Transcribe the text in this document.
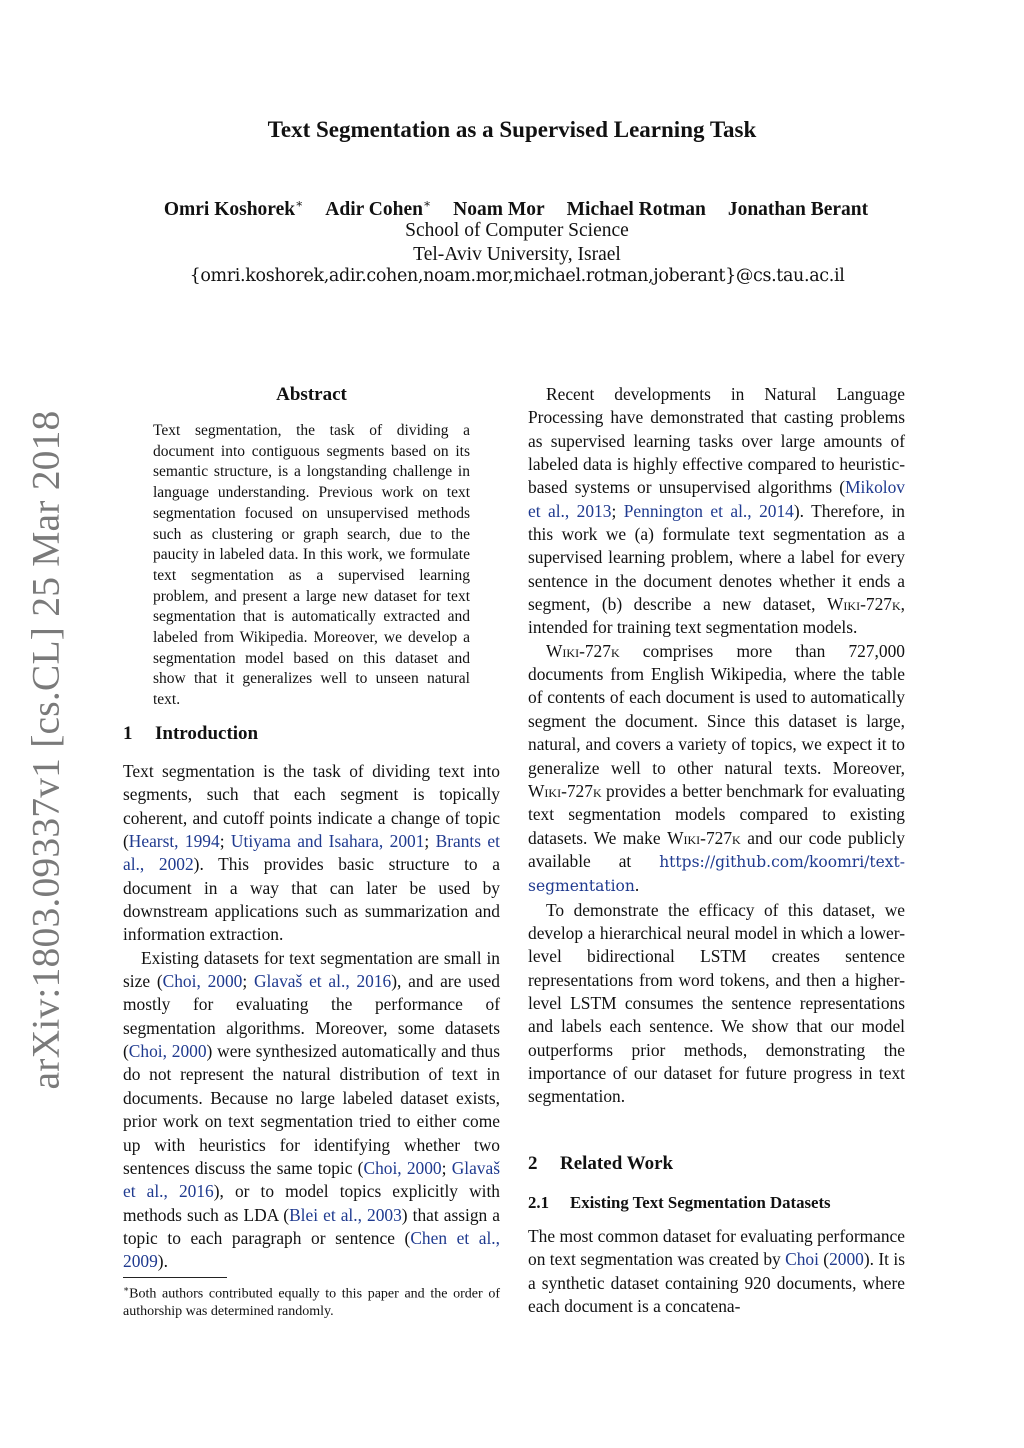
arXiv:1803.09337v1 [cs.CL] 25 Mar 2018
Text Segmentation as a Supervised Learning Task
Omri Koshorek∗ Adir Cohen∗ Noam Mor Michael Rotman Jonathan Berant
School of Computer Science
Tel-Aviv University, Israel
{omri.koshorek,adir.cohen,noam.mor,michael.rotman,joberant}@cs.tau.ac.il
Abstract
Text segmentation, the task of dividing a document into contiguous segments based on its semantic structure, is a longstanding challenge in language understanding. Previous work on text segmentation focused on unsupervised methods such as clustering or graph search, due to the paucity in labeled data. In this work, we formulate text segmentation as a supervised learning problem, and present a large new dataset for text segmentation that is automatically extracted and labeled from Wikipedia. Moreover, we develop a segmentation model based on this dataset and show that it generalizes well to unseen natural text.
1 Introduction

Text segmentation is the task of dividing text into segments, such that each segment is topically coherent, and cutoff points indicate a change of topic (Hearst, 1994; Utiyama and Isahara, 2001; Brants et al., 2002). This provides basic structure to a document in a way that can later be used by downstream applications such as summarization and information extraction.

Existing datasets for text segmentation are small in size (Choi, 2000; Glavaš et al., 2016), and are used mostly for evaluating the performance of segmentation algorithms. Moreover, some datasets (Choi, 2000) were synthesized automatically and thus do not represent the natural distribution of text in documents. Because no large labeled dataset exists, prior work on text segmentation tried to either come up with heuristics for identifying whether two sentences discuss the same topic (Choi, 2000; Glavaš et al., 2016), or to model topics explicitly with methods such as LDA (Blei et al., 2003) that assign a topic to each paragraph or sentence (Chen et al., 2009).

∗Both authors contributed equally to this paper and the order of authorship was determined randomly.

Recent developments in Natural Language Processing have demonstrated that casting problems as supervised learning tasks over large amounts of labeled data is highly effective compared to heuristic-based systems or unsupervised algorithms (Mikolov et al., 2013; Pennington et al., 2014). Therefore, in this work we (a) formulate text segmentation as a supervised learning problem, where a label for every sentence in the document denotes whether it ends a segment, (b) describe a new dataset, Wiki-727k, intended for training text segmentation models.

Wiki-727k comprises more than 727,000 documents from English Wikipedia, where the table of contents of each document is used to automatically segment the document. Since this dataset is large, natural, and covers a variety of topics, we expect it to generalize well to other natural texts. Moreover, Wiki-727k provides a better benchmark for evaluating text segmentation models compared to existing datasets. We make Wiki-727k and our code publicly available at https://github.com/koomri/text-segmentation.

To demonstrate the efficacy of this dataset, we develop a hierarchical neural model in which a lower-level bidirectional LSTM creates sentence representations from word tokens, and then a higher-level LSTM consumes the sentence representations and labels each sentence. We show that our model outperforms prior methods, demonstrating the importance of our dataset for future progress in text segmentation.

2 Related Work
2.1 Existing Text Segmentation Datasets

The most common dataset for evaluating performance on text segmentation was created by Choi (2000). It is a synthetic dataset containing 920 documents, where each document is a concatena-
